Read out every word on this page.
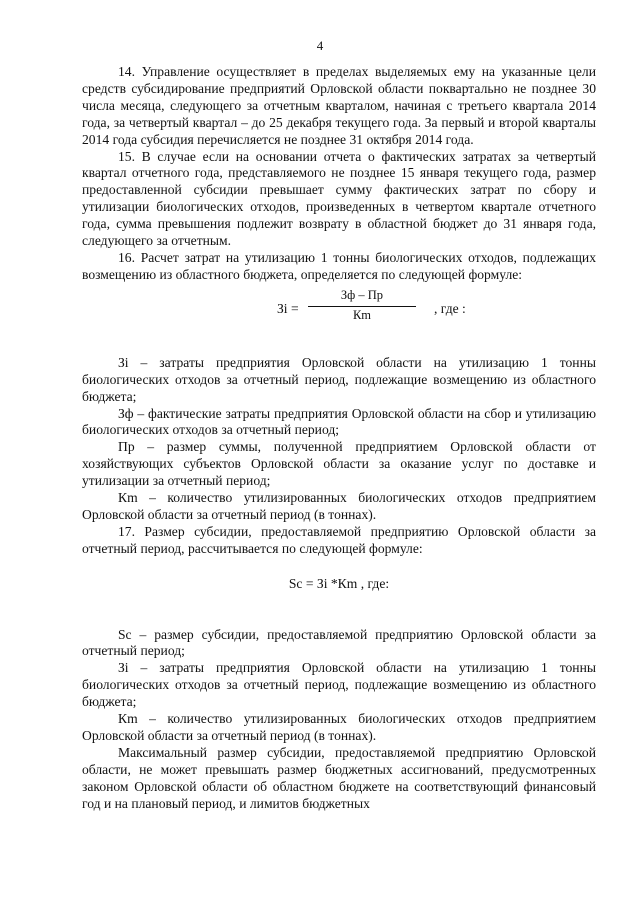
4

14. Управление осуществляет в пределах выделяемых ему на указанные цели средств субсидирование предприятий Орловской области поквартально не позднее 30 числа месяца, следующего за отчетным кварталом, начиная с третьего квартала 2014 года, за четвертый квартал – до 25 декабря текущего года. За первый и второй кварталы 2014 года субсидия перечисляется не позднее 31 октября 2014 года.

15. В случае если на основании отчета о фактических затратах за четвертый квартал отчетного года, представляемого не позднее 15 января текущего года, размер предоставленной субсидии превышает сумму фактических затрат по сбору и утилизации биологических отходов, произведенных в четвертом квартале отчетного года, сумма превышения подлежит возврату в областной бюджет до 31 января года, следующего за отчетным.

16. Расчет затрат на утилизацию 1 тонны биологических отходов, подлежащих возмещению из областного бюджета, определяется по следующей формуле:

Зi =
Зф – Пр
Кm	, где :

Зi – затраты предприятия Орловской области на утилизацию 1 тонны биологических отходов за отчетный период, подлежащие возмещению из областного бюджета;

Зф – фактические затраты предприятия Орловской области на сбор и утилизацию биологических отходов за отчетный период;

Пр – размер суммы, полученной предприятием Орловской области от хозяйствующих субъектов Орловской области за оказание услуг по доставке и утилизации за отчетный период;

Кm – количество утилизированных биологических отходов предприятием Орловской области за отчетный период (в тоннах).

17. Размер субсидии, предоставляемой предприятию Орловской области за отчетный период, рассчитывается по следующей формуле:

Sc = Зi *Кm , где:

Sc – размер субсидии, предоставляемой предприятию Орловской области за отчетный период;

Зi – затраты предприятия Орловской области на утилизацию 1 тонны биологических отходов за отчетный период, подлежащие возмещению из областного бюджета;

Кm – количество утилизированных биологических отходов предприятием Орловской области за отчетный период (в тоннах).

Максимальный размер субсидии, предоставляемой предприятию Орловской области, не может превышать размер бюджетных ассигнований, предусмотренных законом Орловской области об областном бюджете на соответствующий финансовый год и на плановый период, и лимитов бюджетных
